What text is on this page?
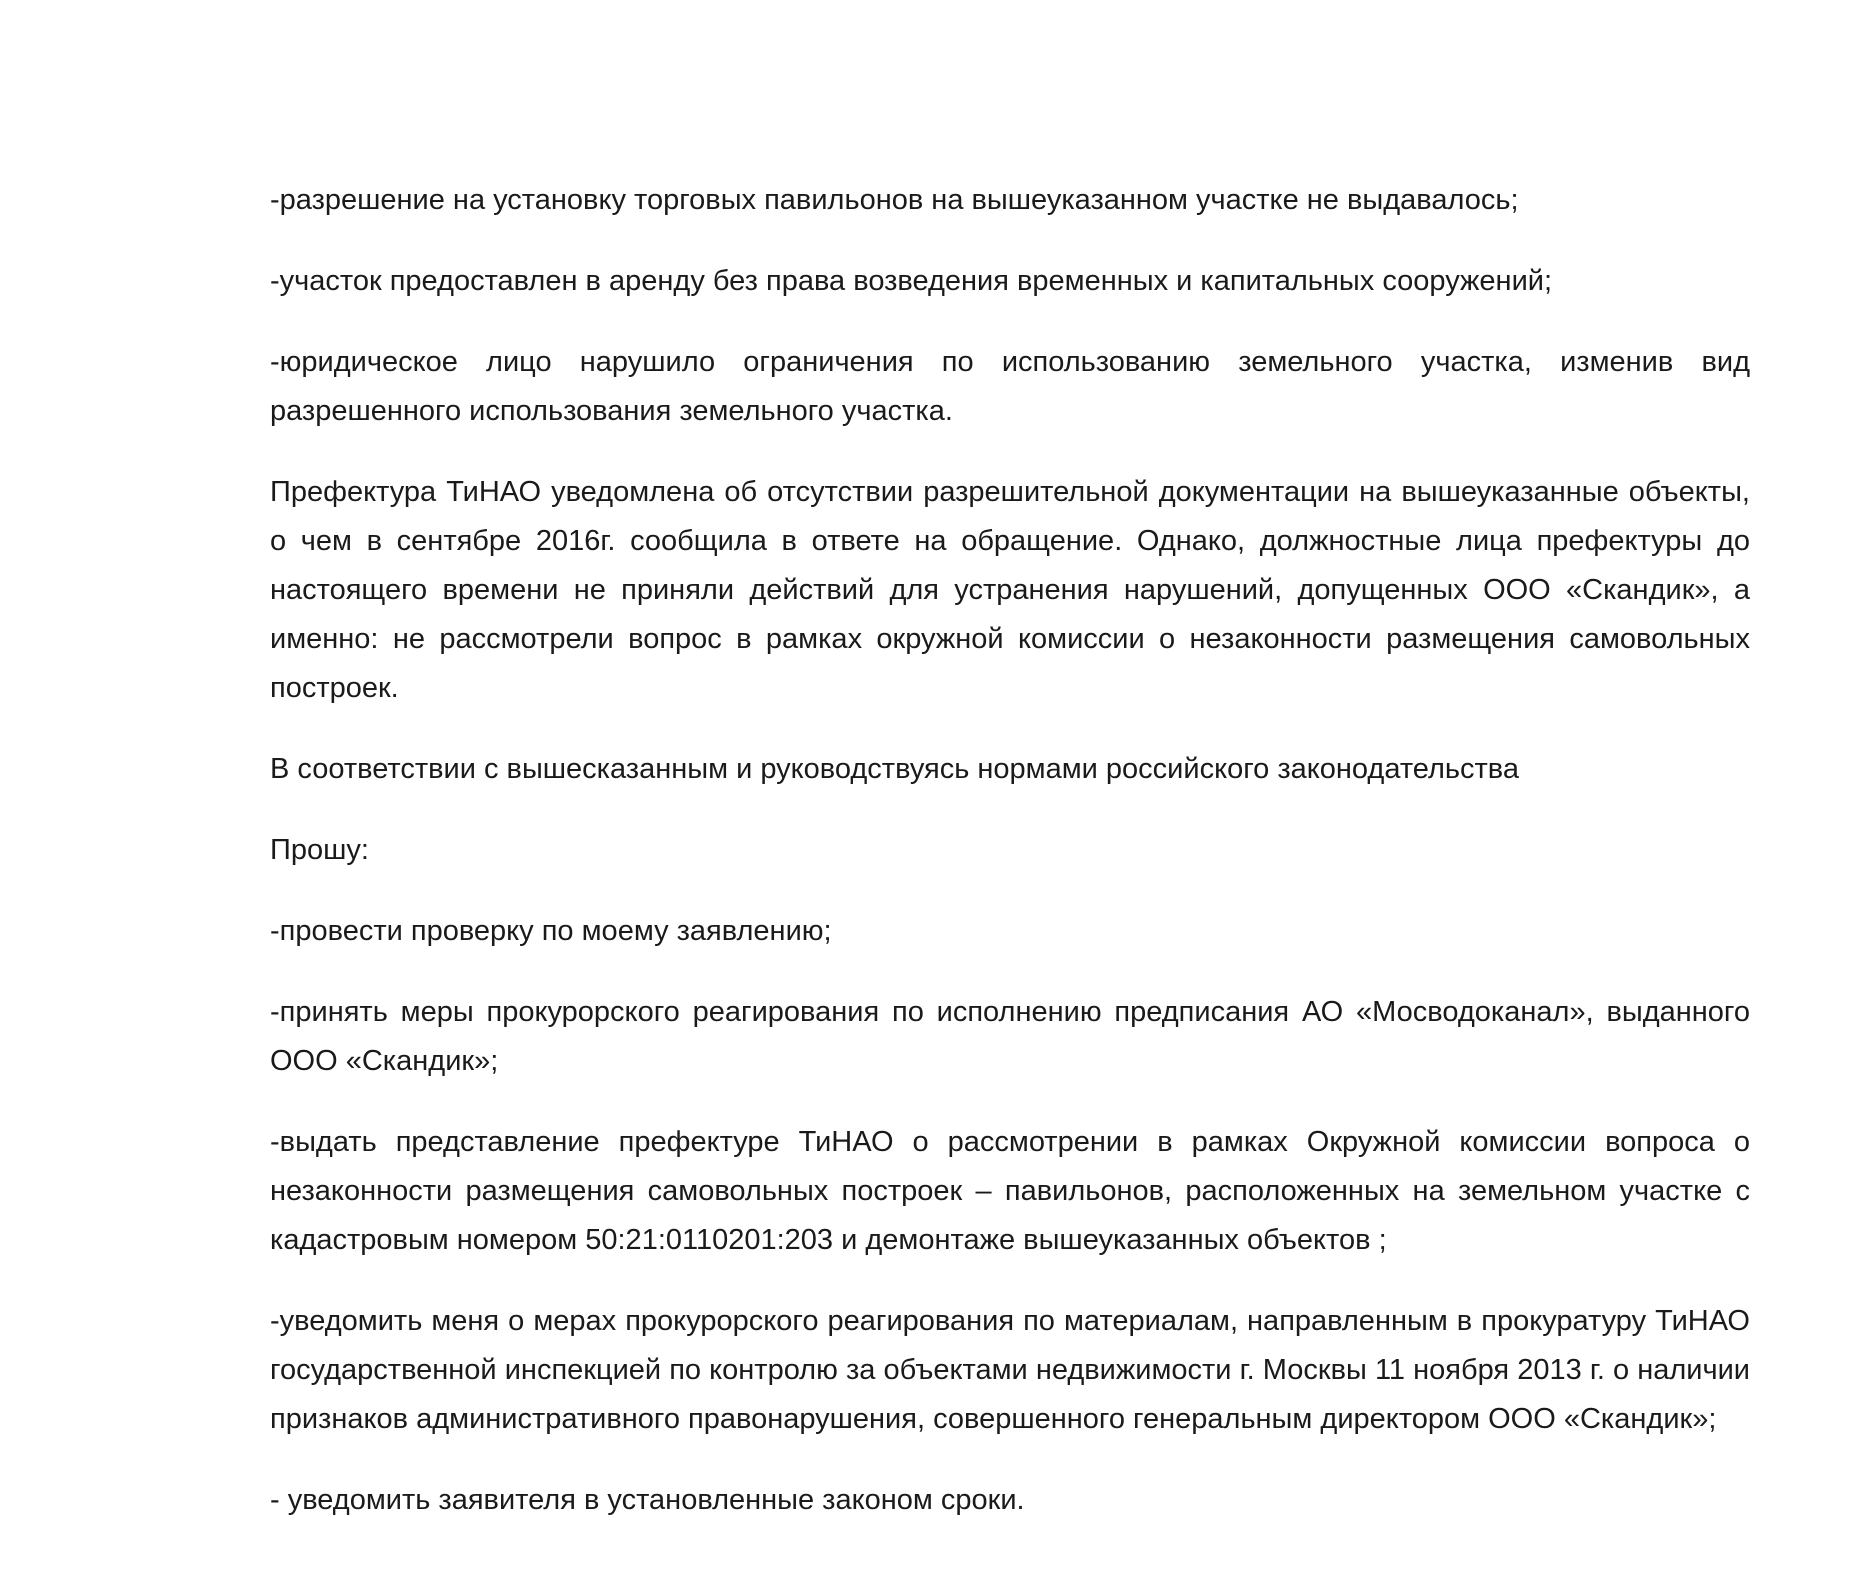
-разрешение на установку торговых павильонов на вышеуказанном участке не выдавалось;

-участок предоставлен в аренду без права возведения временных и капитальных сооружений;

-юридическое лицо нарушило ограничения по использованию земельного участка, изменив вид разрешенного использования земельного участка.

Префектура ТиНАО уведомлена об отсутствии разрешительной документации на вышеуказанные объекты, о чем в сентябре 2016г. сообщила в ответе на обращение. Однако, должностные лица префектуры до настоящего времени не приняли действий для устранения нарушений, допущенных ООО «Скандик», а именно: не рассмотрели вопрос в рамках окружной комиссии о незаконности размещения самовольных построек.

В соответствии с вышесказанным и руководствуясь нормами российского законодательства

Прошу:

-провести проверку по моему заявлению;

-принять меры прокурорского реагирования по исполнению предписания АО «Мосводоканал», выданного ООО «Скандик»;

-выдать представление префектуре ТиНАО о рассмотрении в рамках Окружной комиссии вопроса о незаконности размещения самовольных построек – павильонов, расположенных на земельном участке с кадастровым номером 50:21:0110201:203 и демонтаже вышеуказанных объектов ;

-уведомить меня о мерах прокурорского реагирования по материалам, направленным в прокуратуру ТиНАО государственной инспекцией по контролю за объектами недвижимости г. Москвы 11 ноября 2013 г. о наличии признаков административного правонарушения, совершенного генеральным директором ООО «Скандик»;

- уведомить заявителя в установленные законом сроки.
